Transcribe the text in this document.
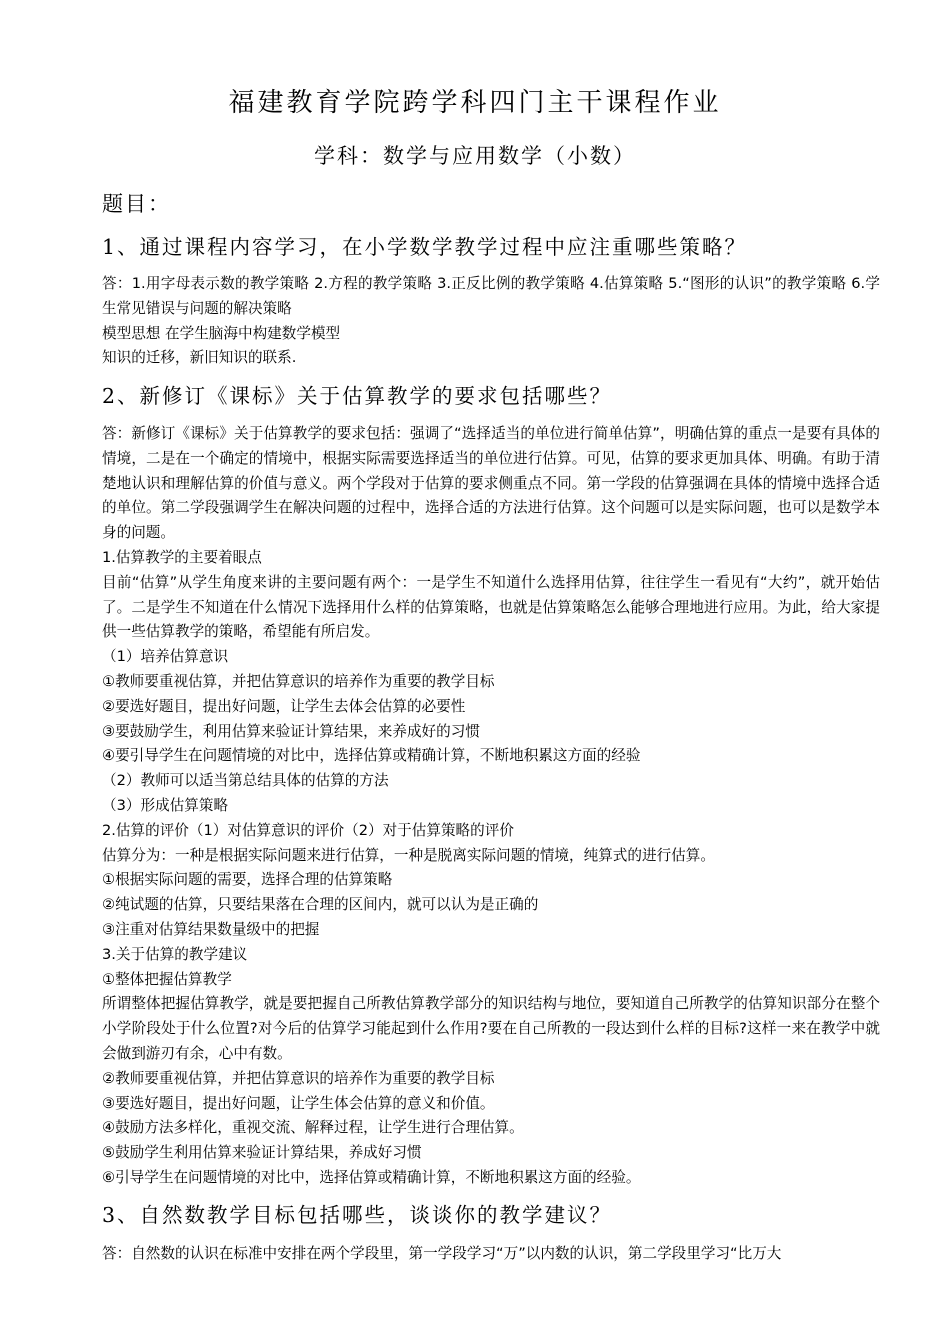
福建教育学院跨学科四门主干课程作业
学科：数学与应用数学（小数）
题目：
1、通过课程内容学习，在小学数学教学过程中应注重哪些策略？

答：1.用字母表示数的教学策略 2.方程的教学策略 3.正反比例的教学策略 4.估算策略 5.“图形的认识”的教学策略 6.学生常见错误与问题的解决策略

模型思想 在学生脑海中构建数学模型

知识的迁移，新旧知识的联系.

2、新修订《课标》关于估算教学的要求包括哪些？

答：新修订《课标》关于估算教学的要求包括：强调了“选择适当的单位进行简单估算”，明确估算的重点一是要有具体的情境，二是在一个确定的情境中，根据实际需要选择适当的单位进行估算。可见，估算的要求更加具体、明确。有助于清楚地认识和理解估算的价值与意义。两个学段对于估算的要求侧重点不同。第一学段的估算强调在具体的情境中选择合适的单位。第二学段强调学生在解决问题的过程中，选择合适的方法进行估算。这个问题可以是实际问题，也可以是数学本身的问题。

1.估算教学的主要着眼点

目前“估算”从学生角度来讲的主要问题有两个：一是学生不知道什么选择用估算，往往学生一看见有“大约”，就开始估了。二是学生不知道在什么情况下选择用什么样的估算策略，也就是估算策略怎么能够合理地进行应用。为此，给大家提供一些估算教学的策略，希望能有所启发。

（1）培养估算意识

①教师要重视估算，并把估算意识的培养作为重要的教学目标

②要选好题目，提出好问题，让学生去体会估算的必要性

③要鼓励学生，利用估算来验证计算结果，来养成好的习惯

④要引导学生在问题情境的对比中，选择估算或精确计算，不断地积累这方面的经验

（2）教师可以适当第总结具体的估算的方法

（3）形成估算策略

2.估算的评价（1）对估算意识的评价（2）对于估算策略的评价

估算分为：一种是根据实际问题来进行估算，一种是脱离实际问题的情境，纯算式的进行估算。

①根据实际问题的需要，选择合理的估算策略

②纯试题的估算，只要结果落在合理的区间内，就可以认为是正确的

③注重对估算结果数量级中的把握

3.关于估算的教学建议

①整体把握估算教学

所谓整体把握估算教学，就是要把握自己所教估算教学部分的知识结构与地位，要知道自己所教学的估算知识部分在整个小学阶段处于什么位置?对今后的估算学习能起到什么作用?要在自己所教的一段达到什么样的目标?这样一来在教学中就会做到游刃有余，心中有数。

②教师要重视估算，并把估算意识的培养作为重要的教学目标

③要选好题目，提出好问题，让学生体会估算的意义和价值。

④鼓励方法多样化，重视交流、解释过程，让学生进行合理估算。

⑤鼓励学生利用估算来验证计算结果，养成好习惯

⑥引导学生在问题情境的对比中，选择估算或精确计算，不断地积累这方面的经验。

3、自然数教学目标包括哪些，谈谈你的教学建议？

答：自然数的认识在标准中安排在两个学段里，第一学段学习“万”以内数的认识，第二学段里学习“比万大
